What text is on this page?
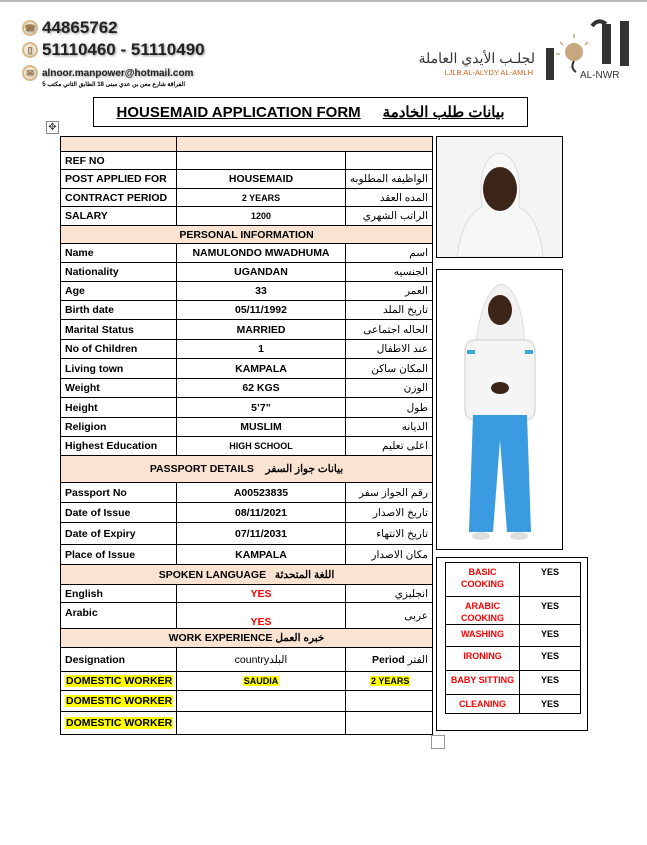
☎ 44865762
▯ 51110460 - 51110490
✉ alnoor.manpower@hotmail.com
الفراقة شارع معن بن عدي مبنى 18 الطابق الثاني مكتب 5
لجلـب الأيدي العاملة
LJLB AL-ALYDY AL-AMLH	AL-NWR
HOUSEMAID APPLICATION FORM بيانات طلب الخادمة
✥

REF NO		
POST APPLIED FOR	HOUSEMAID	الواظيفه المطلوبه
CONTRACT PERIOD	2 YEARS	المده العقد
SALARY	1200	الراتب الشهري
PERSONAL INFORMATION		
Name	NAMULONDO MWADHUMA	اسم
Nationality	UGANDAN	الجنسيه
Age	33	العمر
Birth date	05/11/1992	تاريخ الملد
Marital Status	MARRIED	الحاله اجتماعى
No of Children	1	عند الاطفال
Living town	KAMPALA	المكان ساكن
Weight	62 KGS	الوزن
Height	5’7”	طول
Religion	MUSLIM	الديانه
Highest Education	HIGH SCHOOL	اعلى تعليم
PASSPORT DETAILS بيانات جواز السفر		
Passport No	A00523835	رقم الجواز سفر
Date of Issue	08/11/2021	تاريخ الاصدار
Date of Expiry	07/11/2031	تاريخ الانتهاء
Place of Issue	KAMPALA	مكان الاصدار
SPOKEN LANGUAGE اللغة المتحدثة		
English	YES	انجليزي
Arabic	YES	عربى
WORK EXPERIENCE خبره العمل		
Designation	countryالبلد	Period الفتر
DOMESTIC WORKER	SAUDIA	2 YEARS
DOMESTIC WORKER		
DOMESTIC WORKER		
BASIC COOKING	YES
ARABIC COOKING	YES
WASHING	YES
IRONING	YES
BABY SITTING	YES
CLEANING	YES
